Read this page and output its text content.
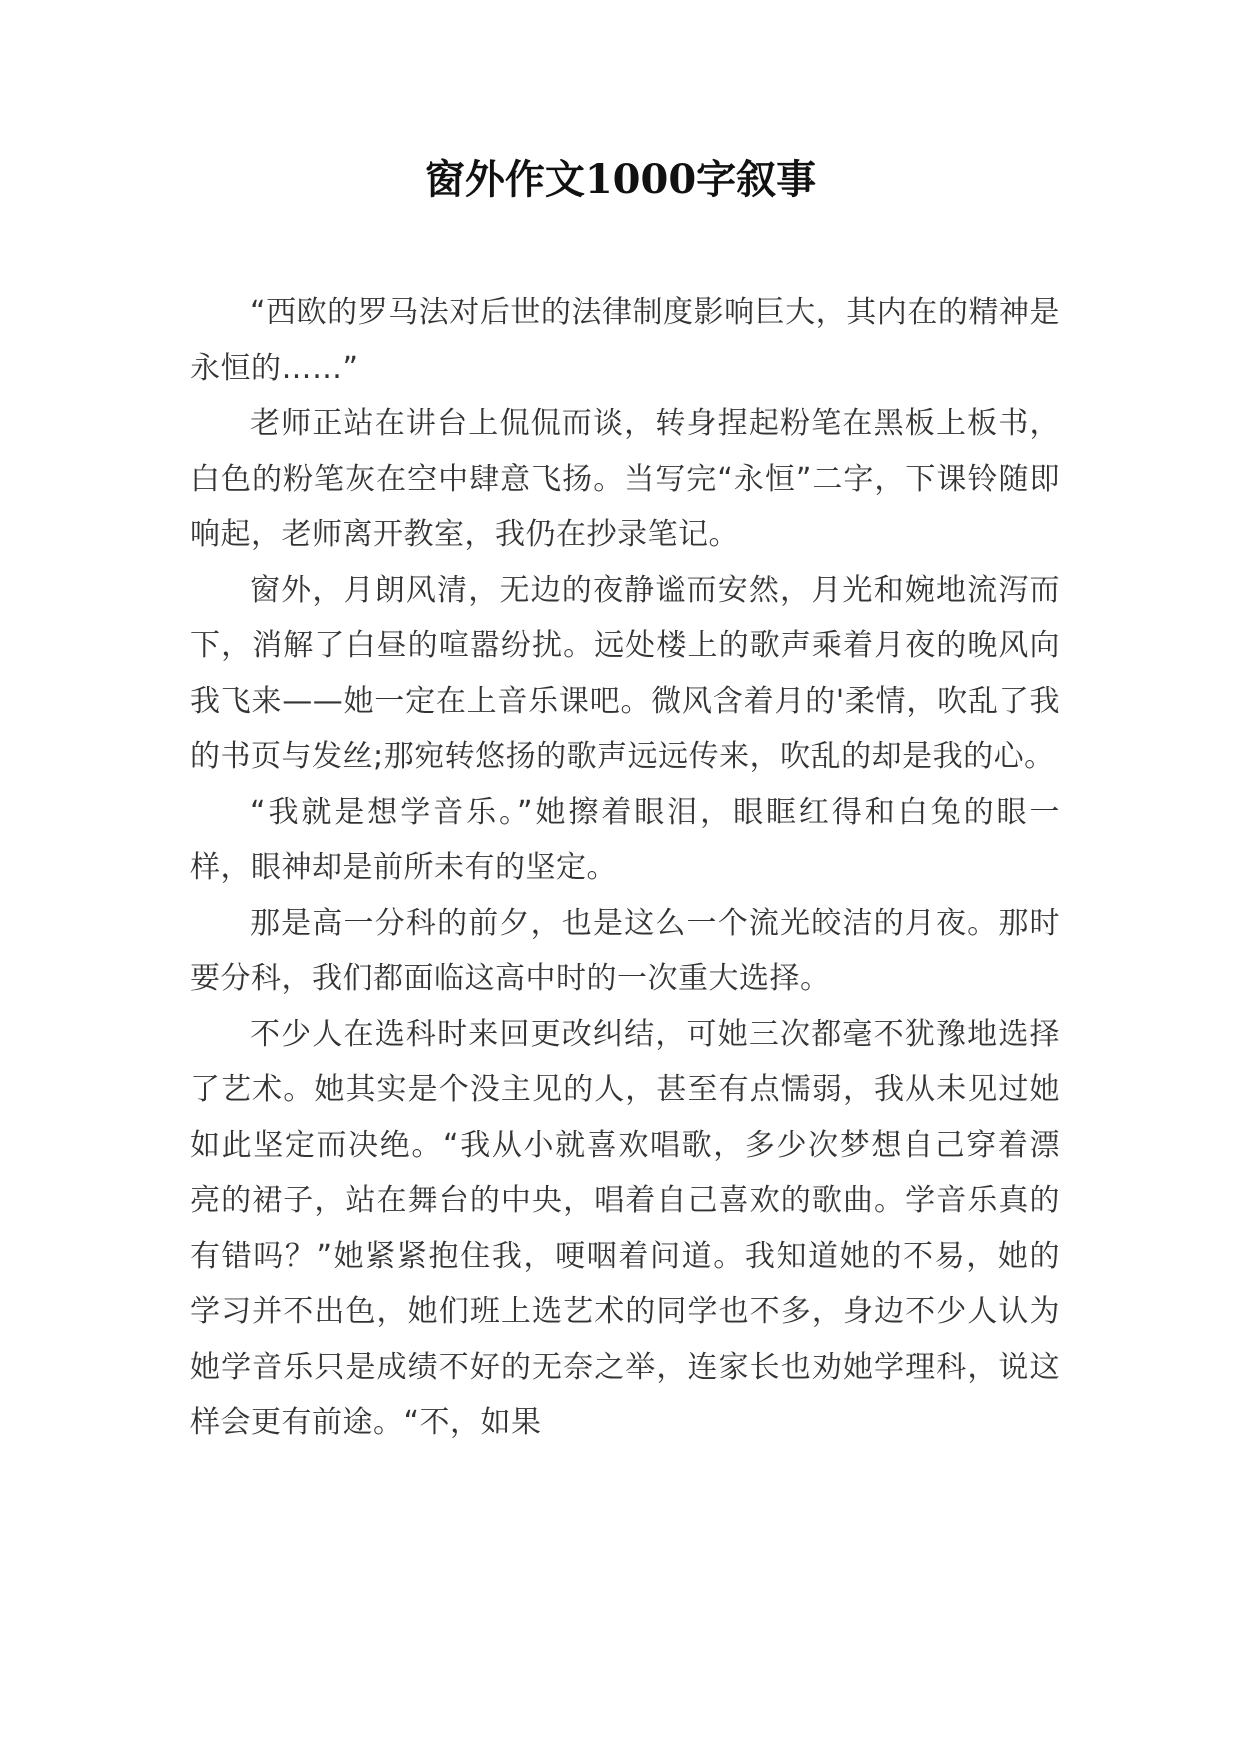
窗外作文1000字叙事

“西欧的罗马法对后世的法律制度影响巨大，其内在的精神是永恒的……”

老师正站在讲台上侃侃而谈，转身捏起粉笔在黑板上板书，白色的粉笔灰在空中肆意飞扬。当写完“永恒”二字，下课铃随即响起，老师离开教室，我仍在抄录笔记。

窗外，月朗风清，无边的夜静谧而安然，月光和婉地流泻而下，消解了白昼的喧嚣纷扰。远处楼上的歌声乘着月夜的晚风向我飞来——她一定在上音乐课吧。微风含着月的'柔情，吹乱了我的书页与发丝;那宛转悠扬的歌声远远传来，吹乱的却是我的心。

“我就是想学音乐。”她擦着眼泪，眼眶红得和白兔的眼一样，眼神却是前所未有的坚定。

那是高一分科的前夕，也是这么一个流光皎洁的月夜。那时要分科，我们都面临这高中时的一次重大选择。

不少人在选科时来回更改纠结，可她三次都毫不犹豫地选择了艺术。她其实是个没主见的人，甚至有点懦弱，我从未见过她如此坚定而决绝。“我从小就喜欢唱歌，多少次梦想自己穿着漂亮的裙子，站在舞台的中央，唱着自己喜欢的歌曲。学音乐真的有错吗？”她紧紧抱住我，哽咽着问道。我知道她的不易，她的学习并不出色，她们班上选艺术的同学也不多，身边不少人认为她学音乐只是成绩不好的无奈之举，连家长也劝她学理科，说这样会更有前途。“不，如果
